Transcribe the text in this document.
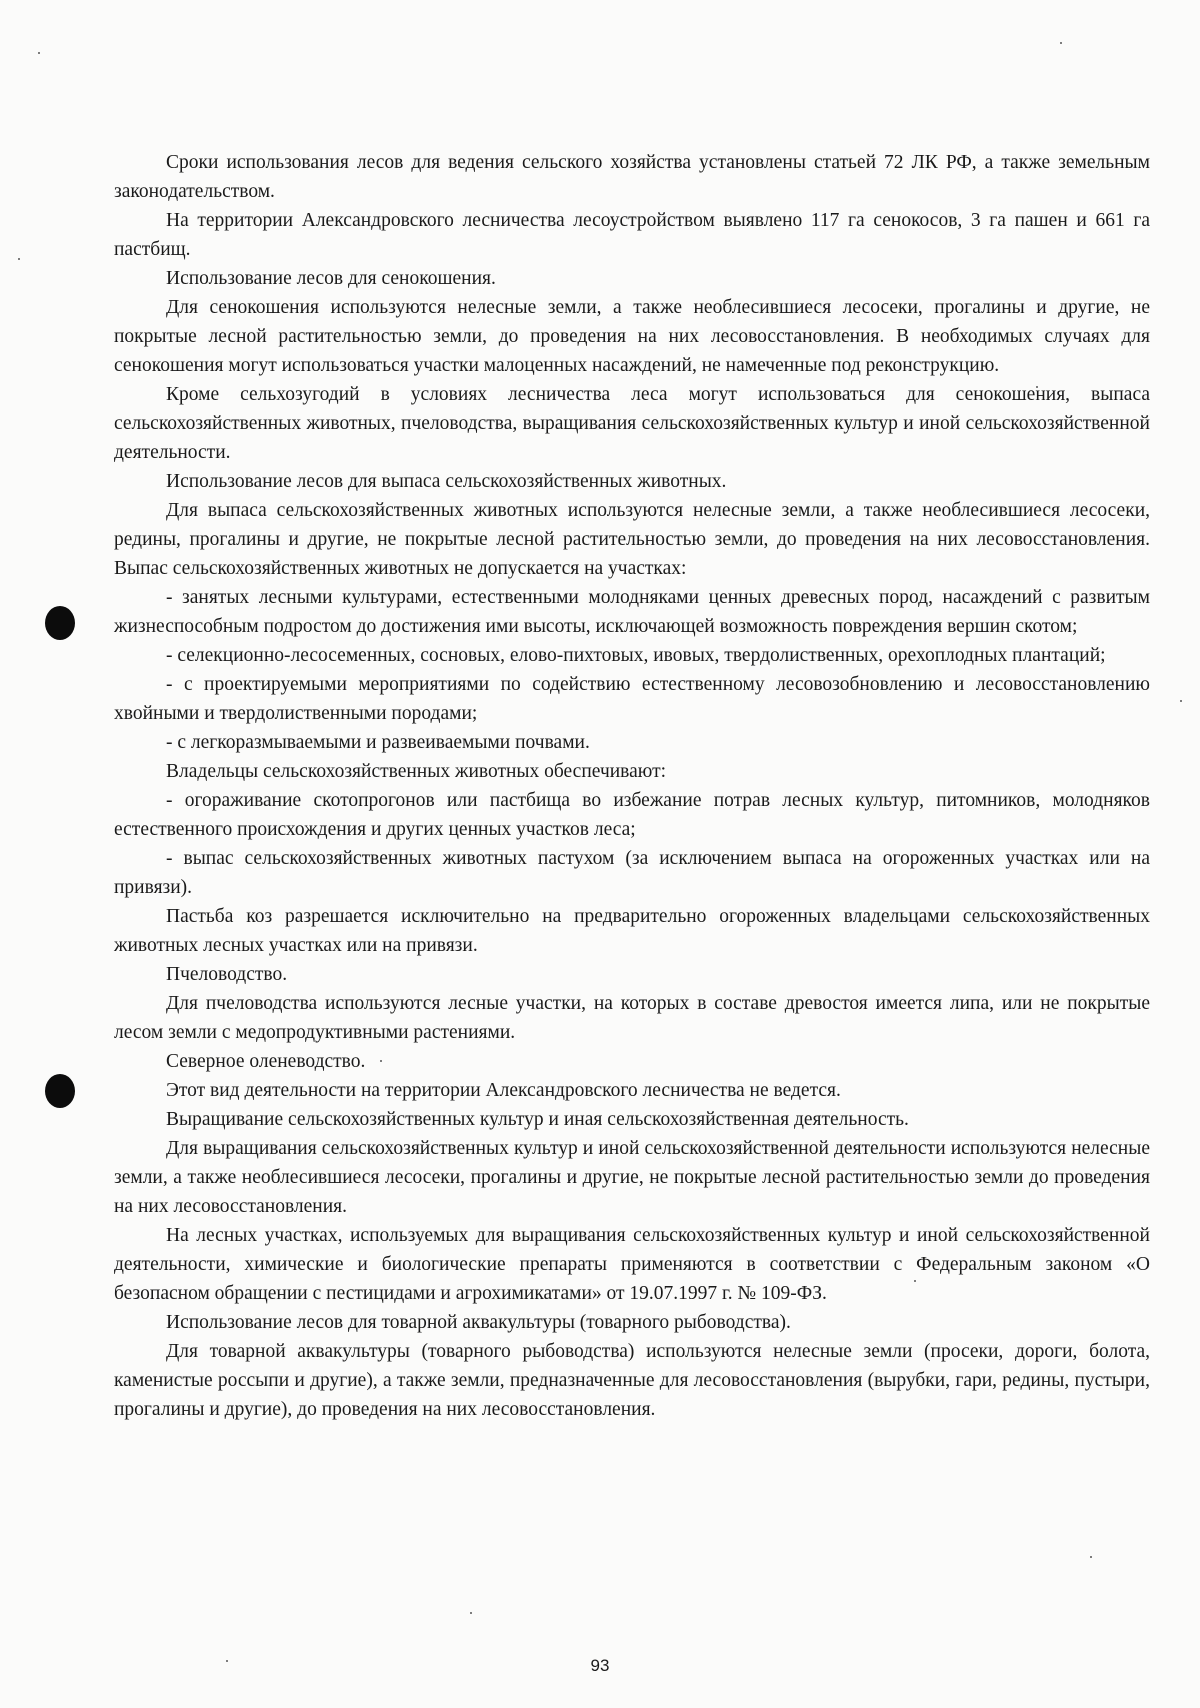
Сроки использования лесов для ведения сельского хозяйства установлены статьей 72 ЛК РФ, а также земельным законодательством.

На территории Александровского лесничества лесоустройством выявлено 117 га сенокосов, 3 га пашен и 661 га пастбищ.

Использование лесов для сенокошения.

Для сенокошения используются нелесные земли, а также необлесившиеся лесосеки, прогалины и другие, не покрытые лесной растительностью земли, до проведения на них лесовосстановления. В необходимых случаях для сенокошения могут использоваться участки малоценных насаждений, не намеченные под реконструкцию.

Кроме сельхозугодий в условиях лесничества леса могут использоваться для сенокошения, выпаса сельскохозяйственных животных, пчеловодства, выращивания сельскохозяйственных культур и иной сельскохозяйственной деятельности.

Использование лесов для выпаса сельскохозяйственных животных.

Для выпаса сельскохозяйственных животных используются нелесные земли, а также необлесившиеся лесосеки, редины, прогалины и другие, не покрытые лесной растительностью земли, до проведения на них лесовосстановления. Выпас сельскохозяйственных животных не допускается на участках:

- занятых лесными культурами, естественными молодняками ценных древесных пород, насаждений с развитым жизнеспособным подростом до достижения ими высоты, исключающей возможность повреждения вершин скотом;

- селекционно-лесосеменных, сосновых, елово-пихтовых, ивовых, твердолиственных, орехоплодных плантаций;

- с проектируемыми мероприятиями по содействию естественному лесовозобновлению и лесовосстановлению хвойными и твердолиственными породами;

- с легкоразмываемыми и развеиваемыми почвами.

Владельцы сельскохозяйственных животных обеспечивают:

- огораживание скотопрогонов или пастбища во избежание потрав лесных культур, питомников, молодняков естественного происхождения и других ценных участков леса;

- выпас сельскохозяйственных животных пастухом (за исключением выпаса на огороженных участках или на привязи).

Пастьба коз разрешается исключительно на предварительно огороженных владельцами сельскохозяйственных животных лесных участках или на привязи.

Пчеловодство.

Для пчеловодства используются лесные участки, на которых в составе древостоя имеется липа, или не покрытые лесом земли с медопродуктивными растениями.

Северное оленеводство.

Этот вид деятельности на территории Александровского лесничества не ведется.

Выращивание сельскохозяйственных культур и иная сельскохозяйственная деятельность.

Для выращивания сельскохозяйственных культур и иной сельскохозяйственной деятельности используются нелесные земли, а также необлесившиеся лесосеки, прогалины и другие, не покрытые лесной растительностью земли до проведения на них лесовосстановления.

На лесных участках, используемых для выращивания сельскохозяйственных культур и иной сельскохозяйственной деятельности, химические и биологические препараты применяются в соответствии с Федеральным законом «О безопасном обращении с пестицидами и агрохимикатами» от 19.07.1997 г. № 109-ФЗ.

Использование лесов для товарной аквакультуры (товарного рыбоводства).

Для товарной аквакультуры (товарного рыбоводства) используются нелесные земли (просеки, дороги, болота, каменистые россыпи и другие), а также земли, предназначенные для лесовосстановления (вырубки, гари, редины, пустыри, прогалины и другие), до проведения на них лесовосстановления.

93
